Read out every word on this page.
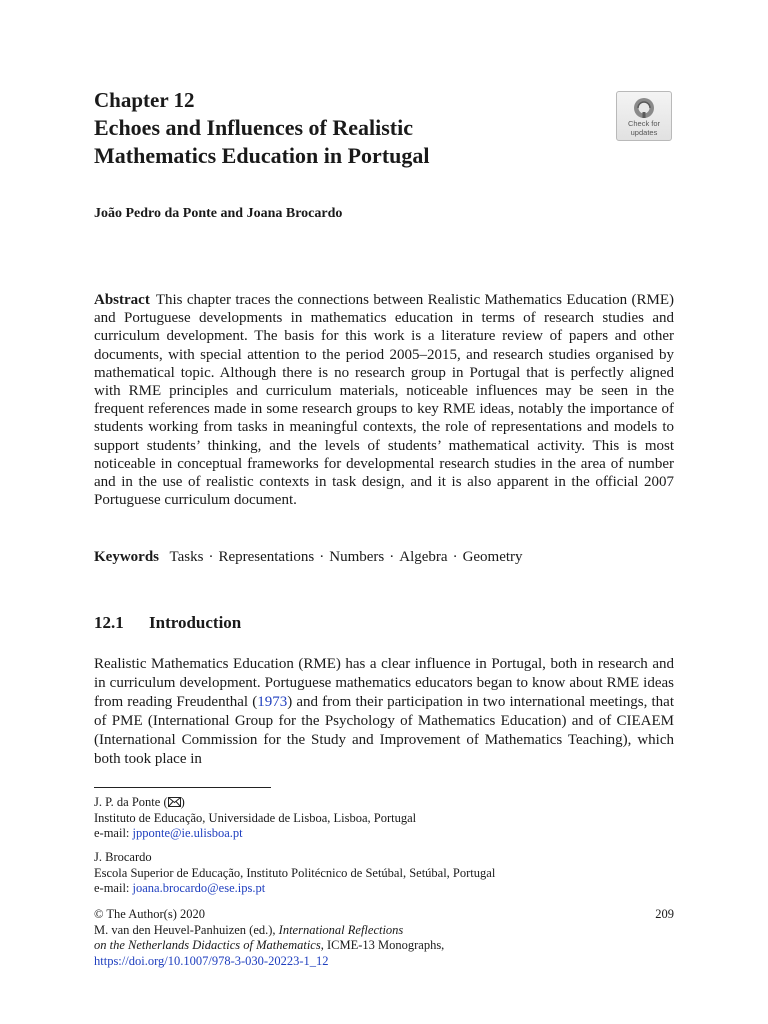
Chapter 12
Echoes and Influences of Realistic
Mathematics Education in Portugal
Check for
updates
João Pedro da Ponte and Joana Brocardo
Abstract This chapter traces the connections between Realistic Mathematics Education (RME) and Portuguese developments in mathematics education in terms of research studies and curriculum development. The basis for this work is a literature review of papers and other documents, with special attention to the period 2005–2015, and research studies organised by mathematical topic. Although there is no research group in Portugal that is perfectly aligned with RME principles and curriculum materials, noticeable influences may be seen in the frequent references made in some research groups to key RME ideas, notably the importance of students working from tasks in meaningful contexts, the role of representations and models to support students’ thinking, and the levels of students’ mathematical activity. This is most noticeable in conceptual frameworks for developmental research studies in the area of number and in the use of realistic contexts in task design, and it is also apparent in the official 2007 Portuguese curriculum document.
Keywords Tasks · Representations · Numbers · Algebra · Geometry
12.1 Introduction
Realistic Mathematics Education (RME) has a clear influence in Portugal, both in research and in curriculum development. Portuguese mathematics educators began to know about RME ideas from reading Freudenthal (1973) and from their participation in two international meetings, that of PME (International Group for the Psychology of Mathematics Education) and of CIEAEM (International Commission for the Study and Improvement of Mathematics Teaching), which both took place in
J. P. da Ponte ( )
Instituto de Educação, Universidade de Lisboa, Lisboa, Portugal
e-mail: jpponte@ie.ulisboa.pt
J. Brocardo
Escola Superior de Educação, Instituto Politécnico de Setúbal, Setúbal, Portugal
e-mail: joana.brocardo@ese.ips.pt
© The Author(s) 2020
M. van den Heuvel-Panhuizen (ed.), International Reflections
on the Netherlands Didactics of Mathematics, ICME-13 Monographs,
https://doi.org/10.1007/978-3-030-20223-1_12
209
